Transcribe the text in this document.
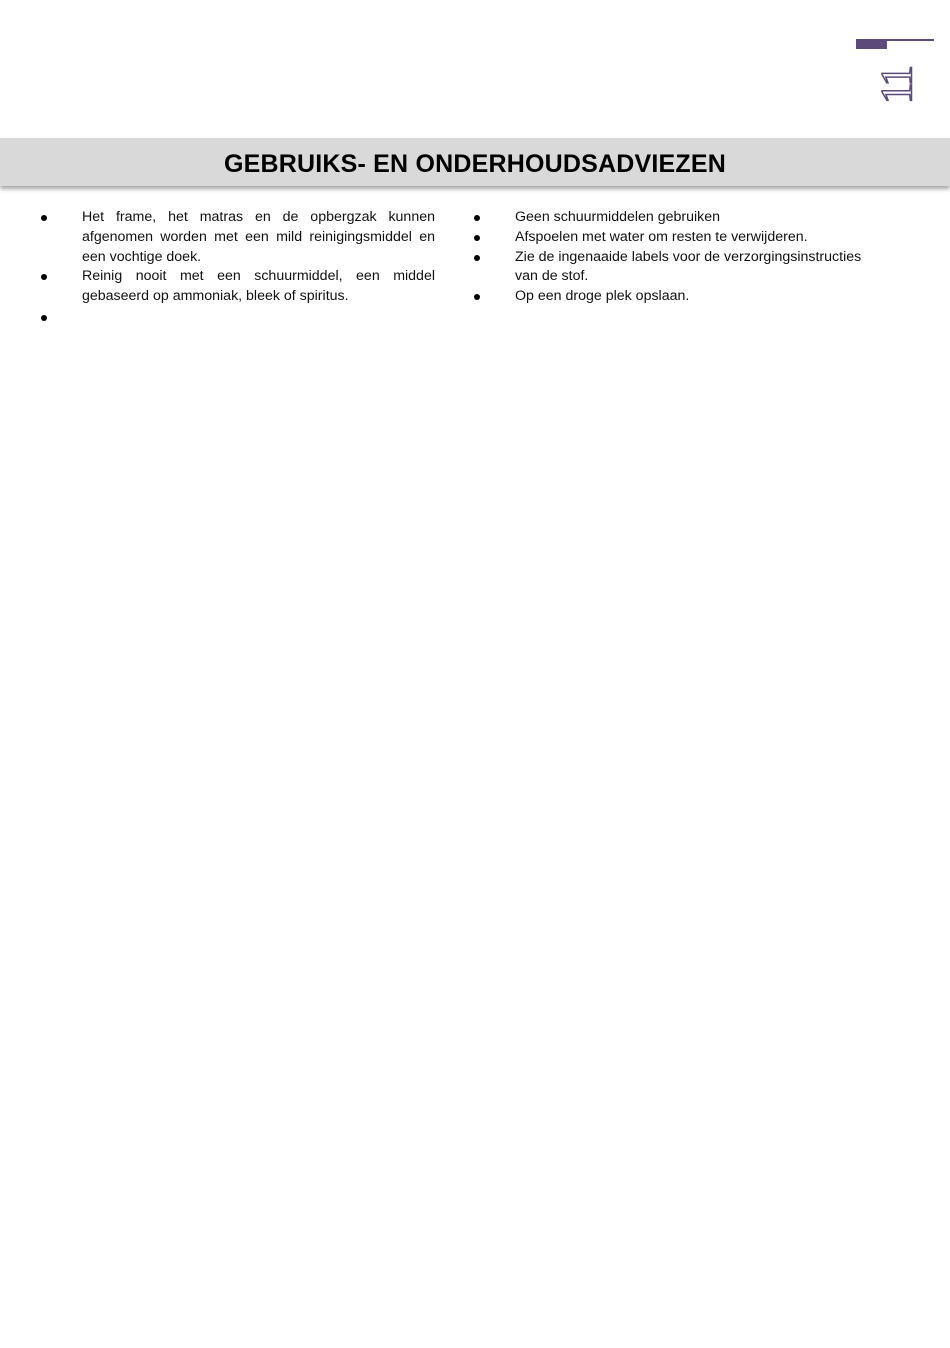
11
GEBRUIKS- EN ONDERHOUDSADVIEZEN
Het frame, het matras en de opbergzak kunnen afgenomen worden met een mild reinigingsmiddel en een vochtige doek.
Reinig nooit met een schuurmiddel, een middel gebaseerd op ammoniak, bleek of spiritus.
Geen schuurmiddelen gebruiken
Afspoelen met water om resten te verwijderen.
Zie de ingenaaide labels voor de verzorgingsinstructies van de stof.
Op een droge plek opslaan.
